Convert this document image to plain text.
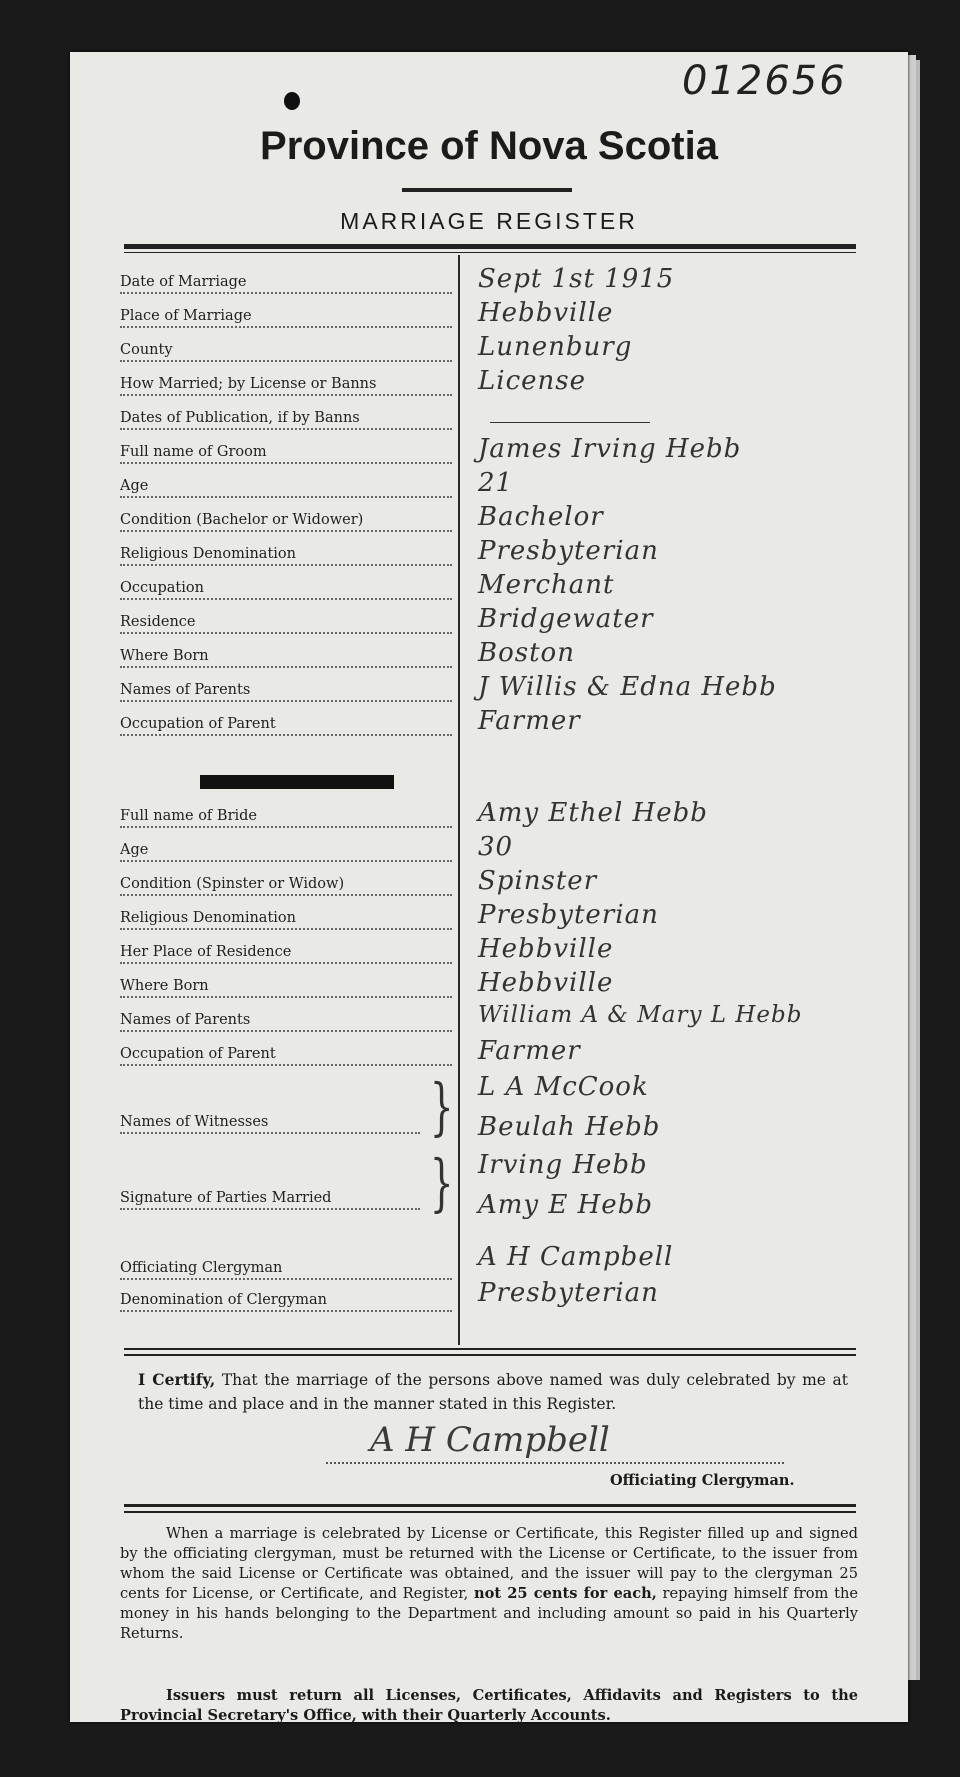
012656
Province of Nova Scotia
MARRIAGE REGISTER
Date of Marriage
Place of Marriage
County
How Married; by License or Banns
Dates of Publication, if by Banns
Full name of Groom
Age
Condition (Bachelor or Widower)
Religious Denomination
Occupation
Residence
Where Born
Names of Parents
Occupation of Parent
Full name of Bride
Age
Condition (Spinster or Widow)
Religious Denomination
Her Place of Residence
Where Born
Names of Parents
Occupation of Parent
Names of Witnesses	}
Signature of Parties Married	}
Officiating Clergyman
Denomination of Clergyman
Sept 1st 1915
Hebbville
Lunenburg
License
James Irving Hebb
21
Bachelor
Presbyterian
Merchant
Bridgewater
Boston
J Willis & Edna Hebb
Farmer
Amy Ethel Hebb
30
Spinster
Presbyterian
Hebbville
Hebbville
William A & Mary L Hebb
Farmer
L A McCook
Beulah Hebb
Irving Hebb
Amy E Hebb
A H Campbell
Presbyterian
I Certify, That the marriage of the persons above named was duly celebrated by me at the time and place and in the manner stated in this Register.
A H Campbell
Officiating Clergyman.
When a marriage is celebrated by License or Certificate, this Register filled up and signed by the officiating clergyman, must be returned with the License or Certificate, to the issuer from whom the said License or Certificate was obtained, and the issuer will pay to the clergyman 25 cents for License, or Certificate, and Register, not 25 cents for each, repaying himself from the money in his hands belonging to the Department and including amount so paid in his Quarterly Returns.
Issuers must return all Licenses, Certificates, Affidavits and Registers to the Provincial Secretary's Office, with their Quarterly Accounts.
